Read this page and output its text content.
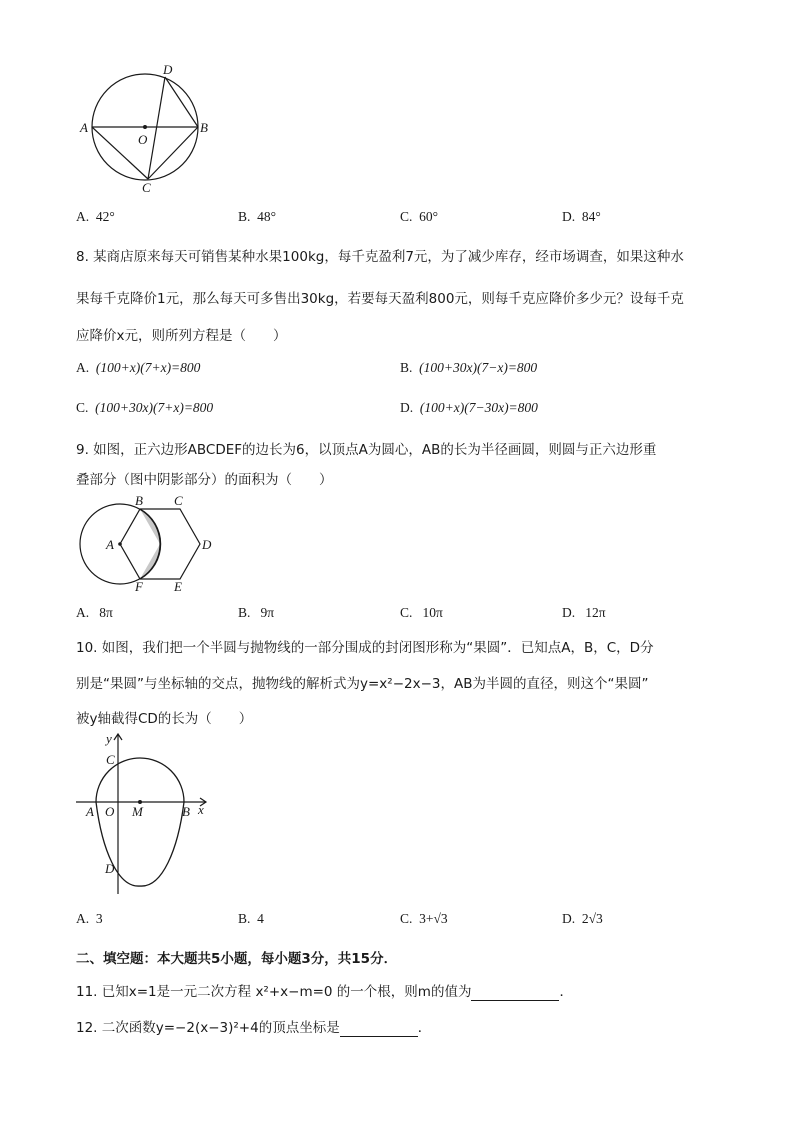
D
A	B
O
C
A. 42°	B. 48°	C. 60°	D. 84°
8. 某商店原来每天可销售某种水果100kg，每千克盈利7元，为了减少库存，经市场调查，如果这种水
果每千克降价1元，那么每天可多售出30kg，若要每天盈利800元，则每千克应降价多少元？设每千克
应降价x元，则所列方程是（　　）
A. (100+x)(7+x)=800	B. (100+30x)(7−x)=800
C. (100+30x)(7+x)=800	D. (100+x)(7−30x)=800
9. 如图，正六边形ABCDEF的边长为6，以顶点A为圆心，AB的长为半径画圆，则圆与正六边形重
叠部分（图中阴影部分）的面积为（　　）
B C
A	D
E
F
A. 8π	B. 9π	C. 10π	D. 12π
10. 如图，我们把一个半圆与抛物线的一部分围成的封闭图形称为“果圆”．已知点A，B，C，D分
别是“果圆”与坐标轴的交点，抛物线的解析式为y=x²−2x−3，AB为半圆的直径，则这个“果圆”
被y轴截得CD的长为（　　）
y
C
A O M	B x
D
A. 3	B. 4	C. 3+√3	D. 2√3
二、填空题：本大题共5小题，每小题3分，共15分．
11. 已知x=1是一元二次方程 x²+x−m=0 的一个根，则m的值为	．
12. 二次函数y=−2(x−3)²+4的顶点坐标是	．
